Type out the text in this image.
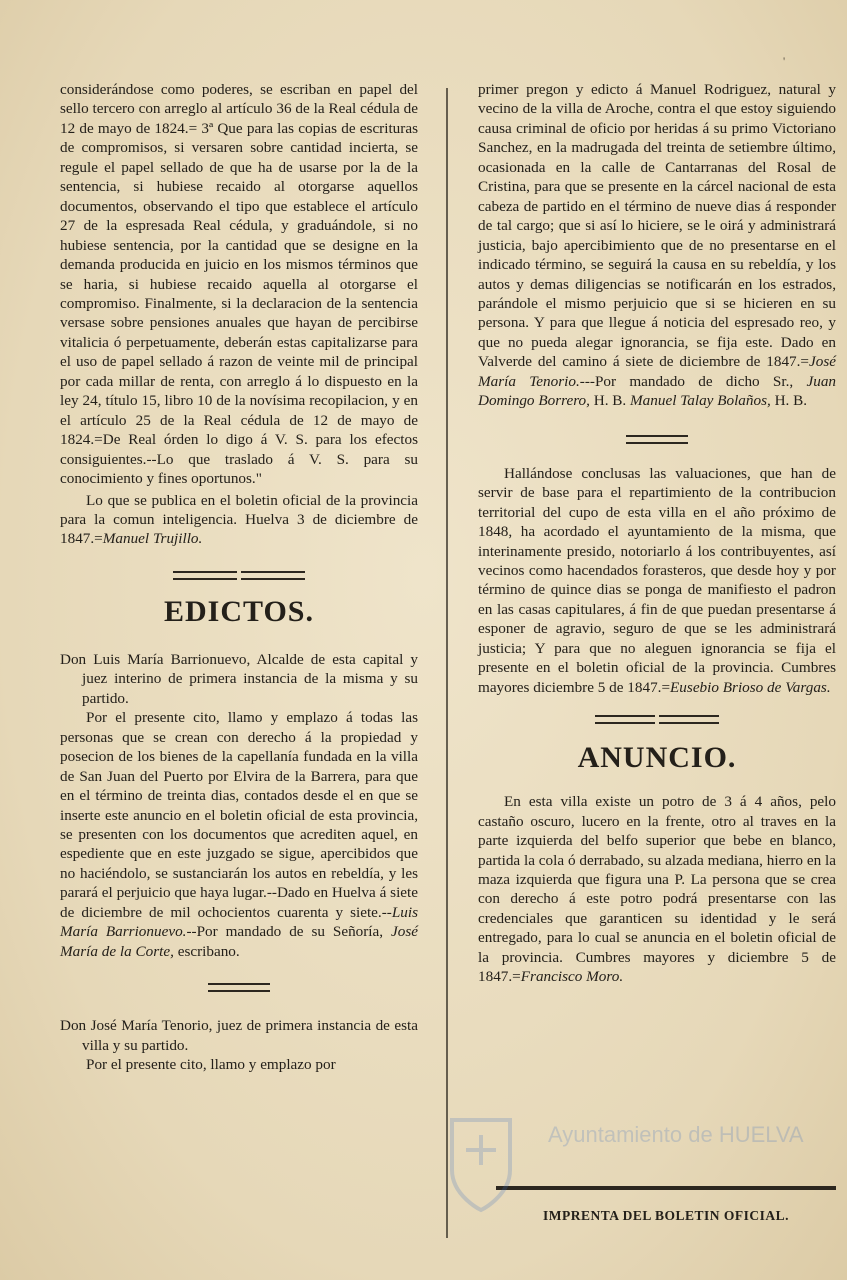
'

considerándose como poderes, se escriban en papel del sello tercero con arreglo al artículo 36 de la Real cédula de 12 de mayo de 1824.= 3ª Que para las copias de escrituras de compromisos, si versaren sobre cantidad incierta, se regule el papel sellado de que ha de usarse por la de la sentencia, si hubiese recaido al otorgarse aquellos documentos, observando el tipo que establece el artículo 27 de la espresada Real cédula, y graduándole, si no hubiese sentencia, por la cantidad que se designe en la demanda producida en juicio en los mismos términos que se haria, si hubiese recaido aquella al otorgarse el compromiso. Finalmente, si la declaracion de la sentencia versase sobre pensiones anuales que hayan de percibirse vitalicia ó perpetuamente, deberán estas capitalizarse para el uso de papel sellado á razon de veinte mil de principal por cada millar de renta, con arreglo á lo dispuesto en la ley 24, título 15, libro 10 de la novísima recopilacion, y en el artículo 25 de la Real cédula de 12 de mayo de 1824.=De Real órden lo digo á V. S. para los efectos consiguientes.--Lo que traslado á V. S. para su conocimiento y fines oportunos."

Lo que se publica en el boletin oficial de la provincia para la comun inteligencia. Huelva 3 de diciembre de 1847.=Manuel Trujillo.

EDICTOS.

Don Luis María Barrionuevo, Alcalde de esta capital y juez interino de primera instancia de la misma y su partido.

Por el presente cito, llamo y emplazo á todas las personas que se crean con derecho á la propiedad y posecion de los bienes de la capellanía fundada en la villa de San Juan del Puerto por Elvira de la Barrera, para que en el término de treinta dias, contados desde el en que se inserte este anuncio en el boletin oficial de esta provincia, se presenten con los documentos que acrediten aquel, en espediente que en este juzgado se sigue, apercibidos que no haciéndolo, se sustanciarán los autos en rebeldía, y les parará el perjuicio que haya lugar.--Dado en Huelva á siete de diciembre de mil ochocientos cuarenta y siete.--Luis María Barrionuevo.--Por mandado de su Señoría, José María de la Corte, escribano.

Don José María Tenorio, juez de primera instancia de esta villa y su partido.

Por el presente cito, llamo y emplazo por

primer pregon y edicto á Manuel Rodriguez, natural y vecino de la villa de Aroche, contra el que estoy siguiendo causa criminal de oficio por heridas á su primo Victoriano Sanchez, en la madrugada del treinta de setiembre último, ocasionada en la calle de Cantarranas del Rosal de Cristina, para que se presente en la cárcel nacional de esta cabeza de partido en el término de nueve dias á responder de tal cargo; que si así lo hiciere, se le oirá y administrará justicia, bajo apercibimiento que de no presentarse en el indicado término, se seguirá la causa en su rebeldía, y los autos y demas diligencias se notificarán en los estrados, parándole el mismo perjuicio que si se hicieren en su persona. Y para que llegue á noticia del espresado reo, y que no pueda alegar ignorancia, se fija este. Dado en Valverde del camino á siete de diciembre de 1847.=José María Tenorio.---Por mandado de dicho Sr., Juan Domingo Borrero, H. B. Manuel Talay Bolaños, H. B.

Hallándose conclusas las valuaciones, que han de servir de base para el repartimiento de la contribucion territorial del cupo de esta villa en el año próximo de 1848, ha acordado el ayuntamiento de la misma, que interinamente presido, notoriarlo á los contribuyentes, así vecinos como hacendados forasteros, que desde hoy y por término de quince dias se ponga de manifiesto el padron en las casas capitulares, á fin de que puedan presentarse á esponer de agravio, seguro de que se les administrará justicia; Y para que no aleguen ignorancia se fija el presente en el boletin oficial de la provincia. Cumbres mayores diciembre 5 de 1847.=Eusebio Brioso de Vargas.

ANUNCIO.

En esta villa existe un potro de 3 á 4 años, pelo castaño oscuro, lucero en la frente, otro al traves en la parte izquierda del belfo superior que bebe en blanco, partida la cola ó derrabado, su alzada mediana, hierro en la maza izquierda que figura una P. La persona que se crea con derecho á este potro podrá presentarse con las credenciales que garanticen su identidad y le será entregado, para lo cual se anuncia en el boletin oficial de la provincia. Cumbres mayores y diciembre 5 de 1847.=Francisco Moro.

IMPRENTA DEL BOLETIN OFICIAL.
Ayuntamiento de HUELVA
